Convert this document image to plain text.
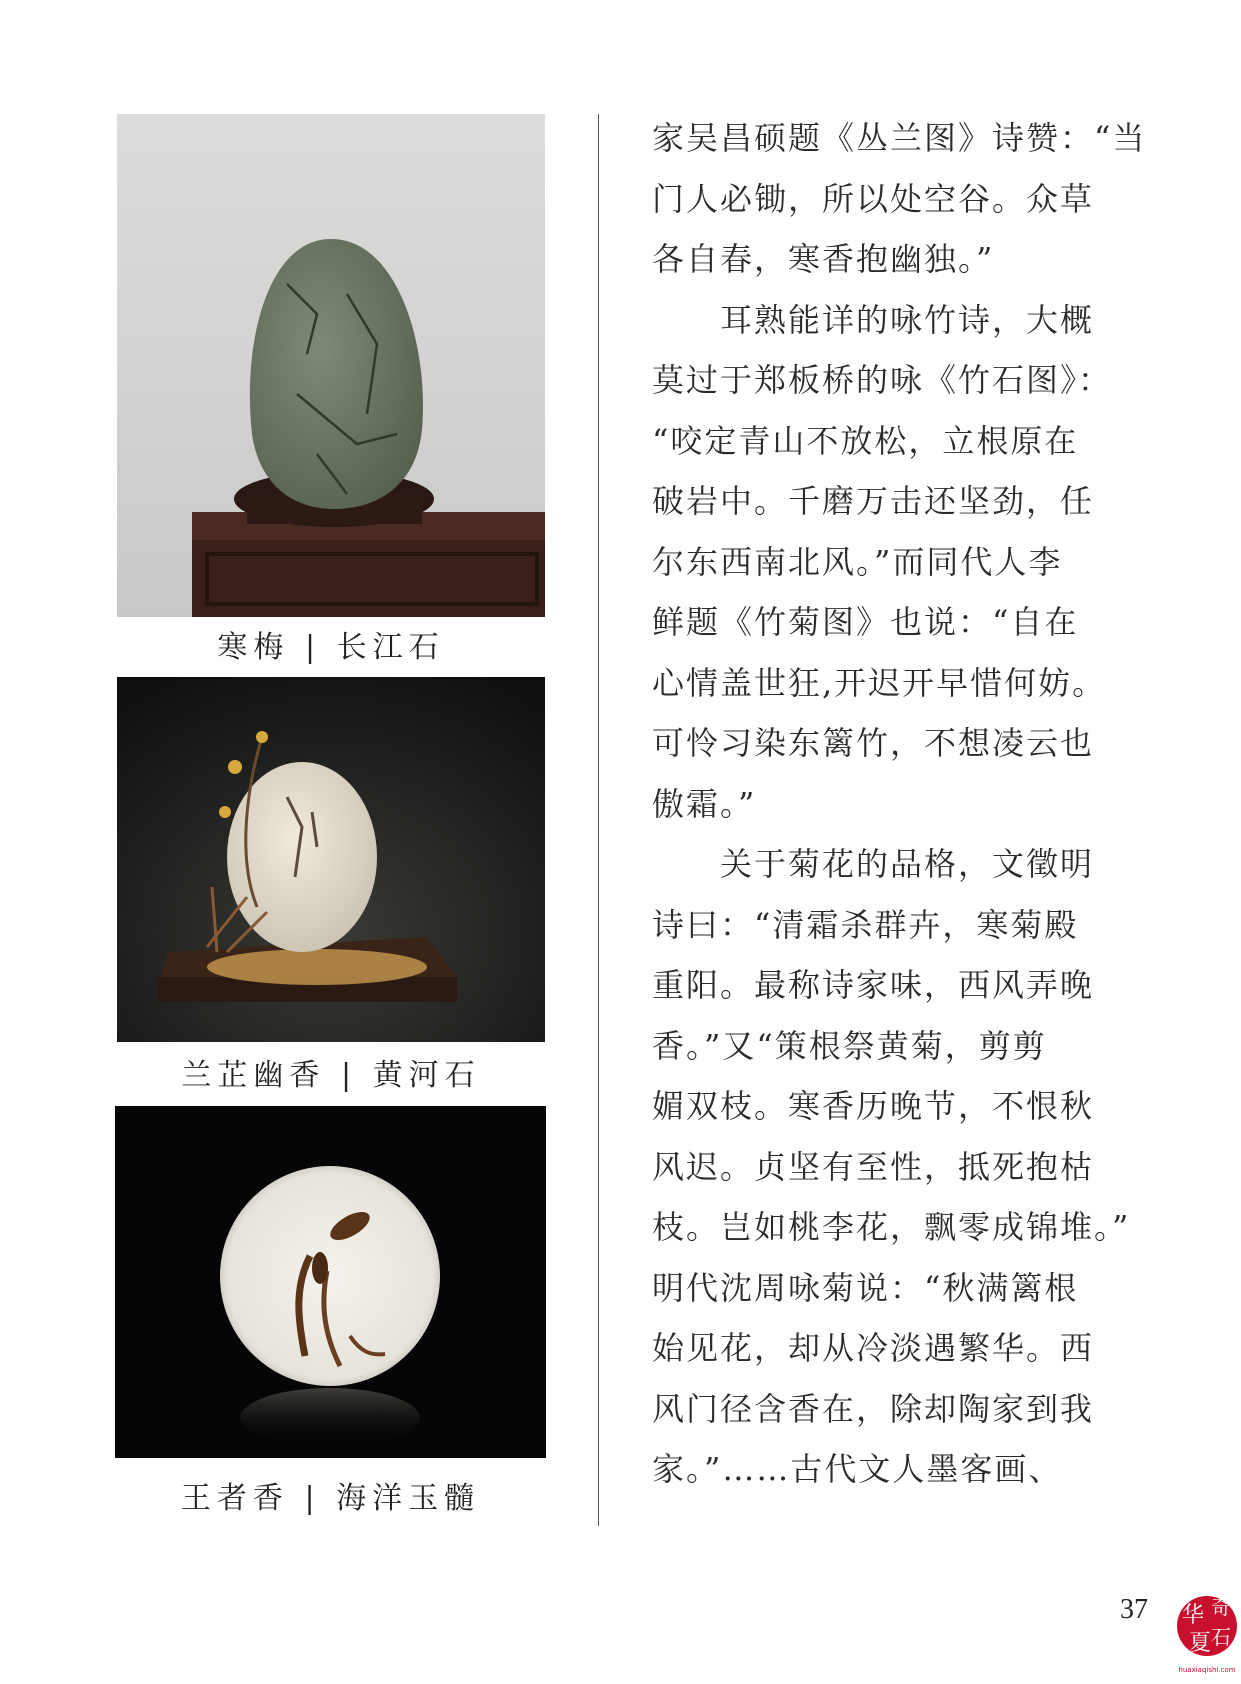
寒梅 | 长江石
兰芷幽香 | 黄河石
王者香 | 海洋玉髓
家吴昌硕题《丛兰图》诗赞：“当
门人必锄，所以处空谷。众草
各自春，寒香抱幽独。”
　　耳熟能详的咏竹诗，大概
莫过于郑板桥的咏《竹石图》：
“咬定青山不放松，立根原在
破岩中。千磨万击还坚劲，任
尔东西南北风。”而同代人李
鲜题《竹菊图》也说：“自在
心情盖世狂,开迟开早惜何妨。
可怜习染东篱竹，不想凌云也
傲霜。”
　　关于菊花的品格，文徵明
诗曰：“清霜杀群卉，寒菊殿
重阳。最称诗家味，西风弄晚
香。”又“策根祭黄菊，剪剪
媚双枝。寒香历晚节，不恨秋
风迟。贞坚有至性，抵死抱枯
枝。岂如桃李花，飘零成锦堆。”
明代沈周咏菊说：“秋满篱根
始见花，却从冷淡遇繁华。西
风门径含香在，除却陶家到我
家。”……古代文人墨客画、
37 华 奇
夏 石
huaxiaqishi.com
